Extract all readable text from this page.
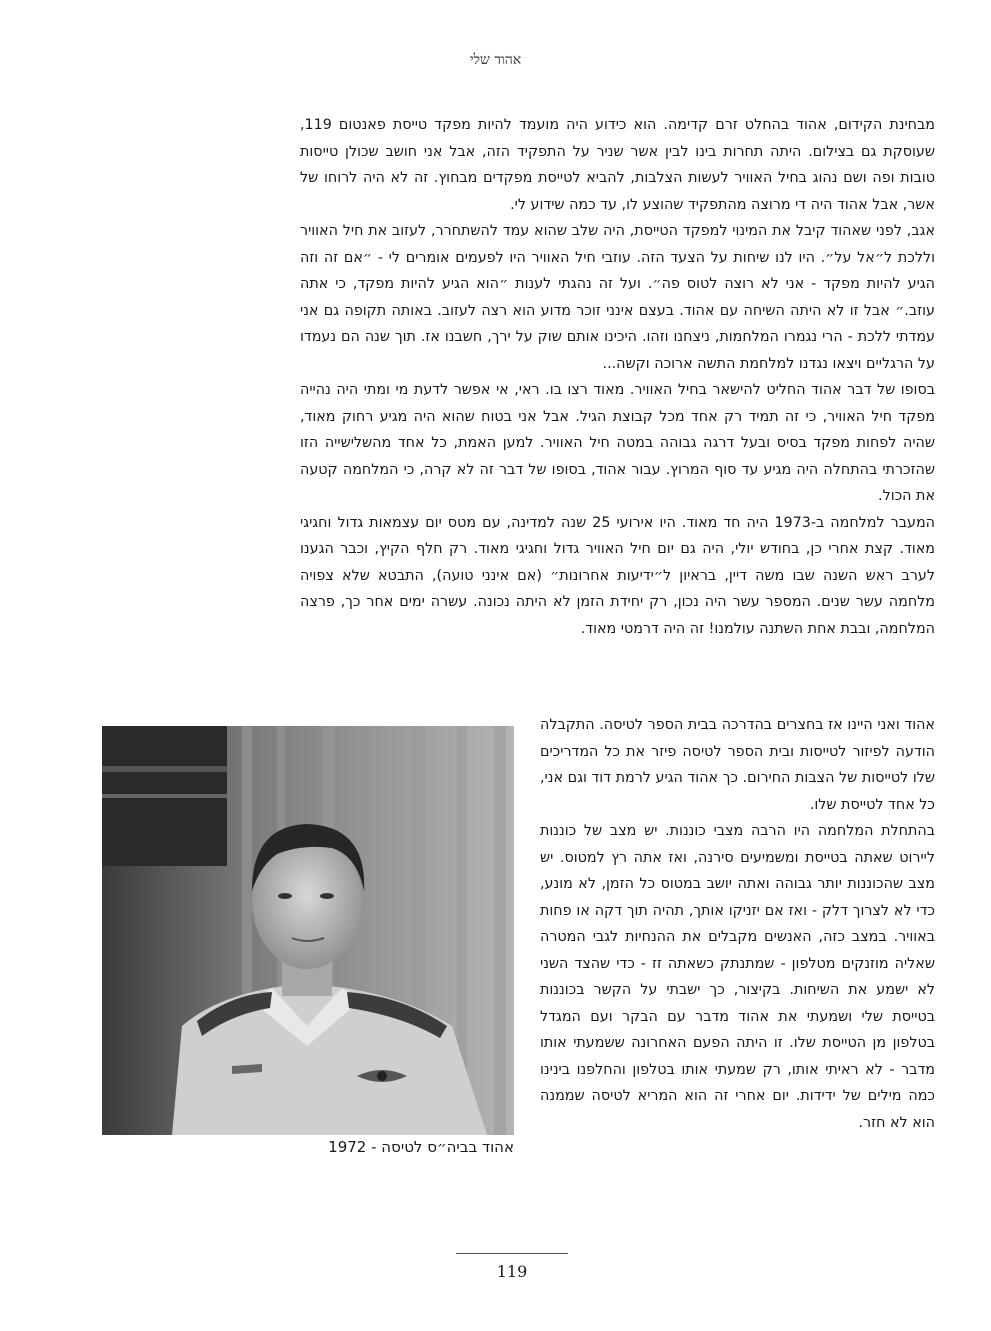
אהוד שלי

מבחינת הקידום, אהוד בהחלט זרם קדימה. הוא כידוע היה מועמד להיות מפקד טייסת פאנטום 119, שעוסקת גם בצילום. היתה תחרות בינו לבין אשר שניר על התפקיד הזה, אבל אני חושב שכולן טייסות טובות ופה ושם נהוג בחיל האוויר לעשות הצלבות, להביא לטייסת מפקדים מבחוץ. זה לא היה לרוחו של אשר, אבל אהוד היה די מרוצה מהתפקיד שהוצע לו, עד כמה שידוע לי.

אגב, לפני שאהוד קיבל את המינוי למפקד הטייסת, היה שלב שהוא עמד להשתחרר, לעזוב את חיל האוויר וללכת ל״אל על״. היו לנו שיחות על הצעד הזה. עוזבי חיל האוויר היו לפעמים אומרים לי - ״אם זה וזה הגיע להיות מפקד - אני לא רוצה לטוס פה״. ועל זה נהגתי לענות ״הוא הגיע להיות מפקד, כי אתה עוזב.״ אבל זו לא היתה השיחה עם אהוד. בעצם אינני זוכר מדוע הוא רצה לעזוב. באותה תקופה גם אני עמדתי ללכת - הרי נגמרו המלחמות, ניצחנו וזהו. היכינו אותם שוק על ירך, חשבנו אז. תוך שנה הם נעמדו על הרגליים ויצאו נגדנו למלחמת התשה ארוכה וקשה...

בסופו של דבר אהוד החליט להישאר בחיל האוויר. מאוד רצו בו. ראי, אי אפשר לדעת מי ומתי היה נהייה מפקד חיל האוויר, כי זה תמיד רק אחד מכל קבוצת הגיל. אבל אני בטוח שהוא היה מגיע רחוק מאוד, שהיה לפחות מפקד בסיס ובעל דרגה גבוהה במטה חיל האוויר. למען האמת, כל אחד מהשלישייה הזו שהזכרתי בהתחלה היה מגיע עד סוף המרוץ. עבור אהוד, בסופו של דבר זה לא קרה, כי המלחמה קטעה את הכול.

המעבר למלחמה ב-1973 היה חד מאוד. היו אירועי 25 שנה למדינה, עם מטס יום עצמאות גדול וחגיגי מאוד. קצת אחרי כן, בחודש יולי, היה גם יום חיל האוויר גדול וחגיגי מאוד. רק חלף הקיץ, וכבר הגענו לערב ראש השנה שבו משה דיין, בראיון ל״ידיעות אחרונות״ (אם אינני טועה), התבטא שלא צפויה מלחמה עשר שנים. המספר עשר היה נכון, רק יחידת הזמן לא היתה נכונה. עשרה ימים אחר כך, פרצה המלחמה, ובבת אחת השתנה עולמנו! זה היה דרמטי מאוד.

אהוד ואני היינו אז בחצרים בהדרכה בבית הספר לטיסה. התקבלה הודעה לפיזור לטייסות ובית הספר לטיסה פיזר את כל המדריכים שלו לטייסות של הצבות החירום. כך אהוד הגיע לרמת דוד וגם אני, כל אחד לטייסת שלו.

בהתחלת המלחמה היו הרבה מצבי כוננות. יש מצב של כוננות ליירוט שאתה בטייסת ומשמיעים סירנה, ואז אתה רץ למטוס. יש מצב שהכוננות יותר גבוהה ואתה יושב במטוס כל הזמן, לא מונע, כדי לא לצרוך דלק - ואז אם יזניקו אותך, תהיה תוך דקה או פחות באוויר. במצב כזה, האנשים מקבלים את ההנחיות לגבי המטרה שאליה מוזנקים מטלפון - שמתנתק כשאתה זז - כדי שהצד השני לא ישמע את השיחות. בקיצור, כך ישבתי על הקשר בכוננות בטייסת שלי ושמעתי את אהוד מדבר עם הבקר ועם המגדל בטלפון מן הטייסת שלו. זו היתה הפעם האחרונה ששמעתי אותו מדבר - לא ראיתי אותו, רק שמעתי אותו בטלפון והחלפנו בינינו כמה מילים של ידידות. יום אחרי זה הוא המריא לטיסה שממנה הוא לא חזר.

אהוד בביה״ס לטיסה - 1972
119
